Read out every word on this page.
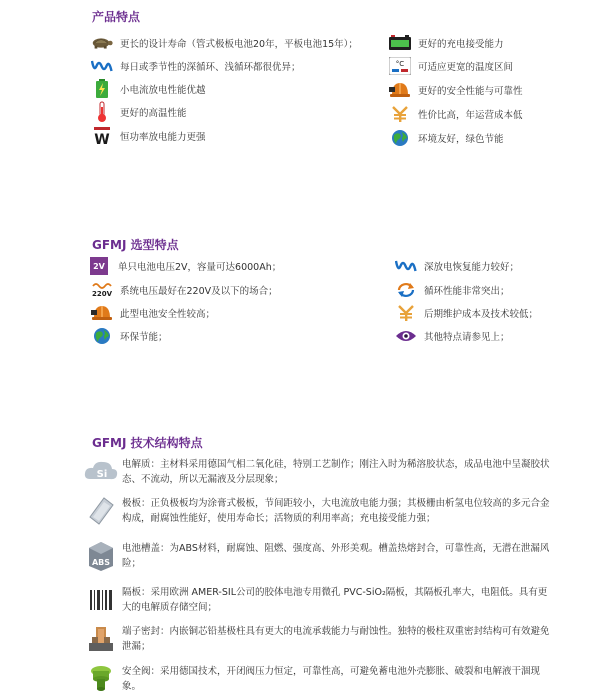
产品特点
更长的设计寿命（管式极板电池20年，平板电池15年）；
每日或季节性的深循环、浅循环都很优异；
小电流放电性能优越
更好的高温性能
W 恒功率放电能力更强
更好的充电接受能力
°C 可适应更宽的温度区间
更好的安全性能与可靠性
性价比高，年运营成本低
环境友好，绿色节能
GFMJ 选型特点
2V	单只电池电压2V，容量可达6000Ah；
220V 系统电压最好在220V及以下的场合；
此型电池安全性较高；
环保节能；
深放电恢复能力较好；
循环性能非常突出；
后期维护成本及技术较低；
其他特点请参见上；
GFMJ 技术结构特点
Si
电解质：主材料采用德国气相二氧化硅，特别工艺制作；刚注入时为稀溶胶状态，成品电池中呈凝胶状态、不流动，所以无漏液及分层现象；
极板：正负极板均为涂膏式极板，节间距较小，大电流放电能力强；其极栅由析氢电位较高的多元合金构成，耐腐蚀性能好，使用寿命长；活物质的利用率高；充电接受能力强；
ABS
电池槽盖：为ABS材料，耐腐蚀、阻燃、强度高、外形美观。槽盖热熔封合，可靠性高，无潜在泄漏风险；
隔板：采用欧洲 AMER-SIL公司的胶体电池专用微孔 PVC-SiO₂隔板，其隔板孔率大，电阻低。具有更大的电解质存储空间；
端子密封：内嵌铜芯铅基极柱具有更大的电流承载能力与耐蚀性。独特的极柱双重密封结构可有效避免泄漏；
安全阀：采用德国技术，开闭阀压力恒定，可靠性高，可避免蓄电池外壳膨胀、破裂和电解液干涸现象。
